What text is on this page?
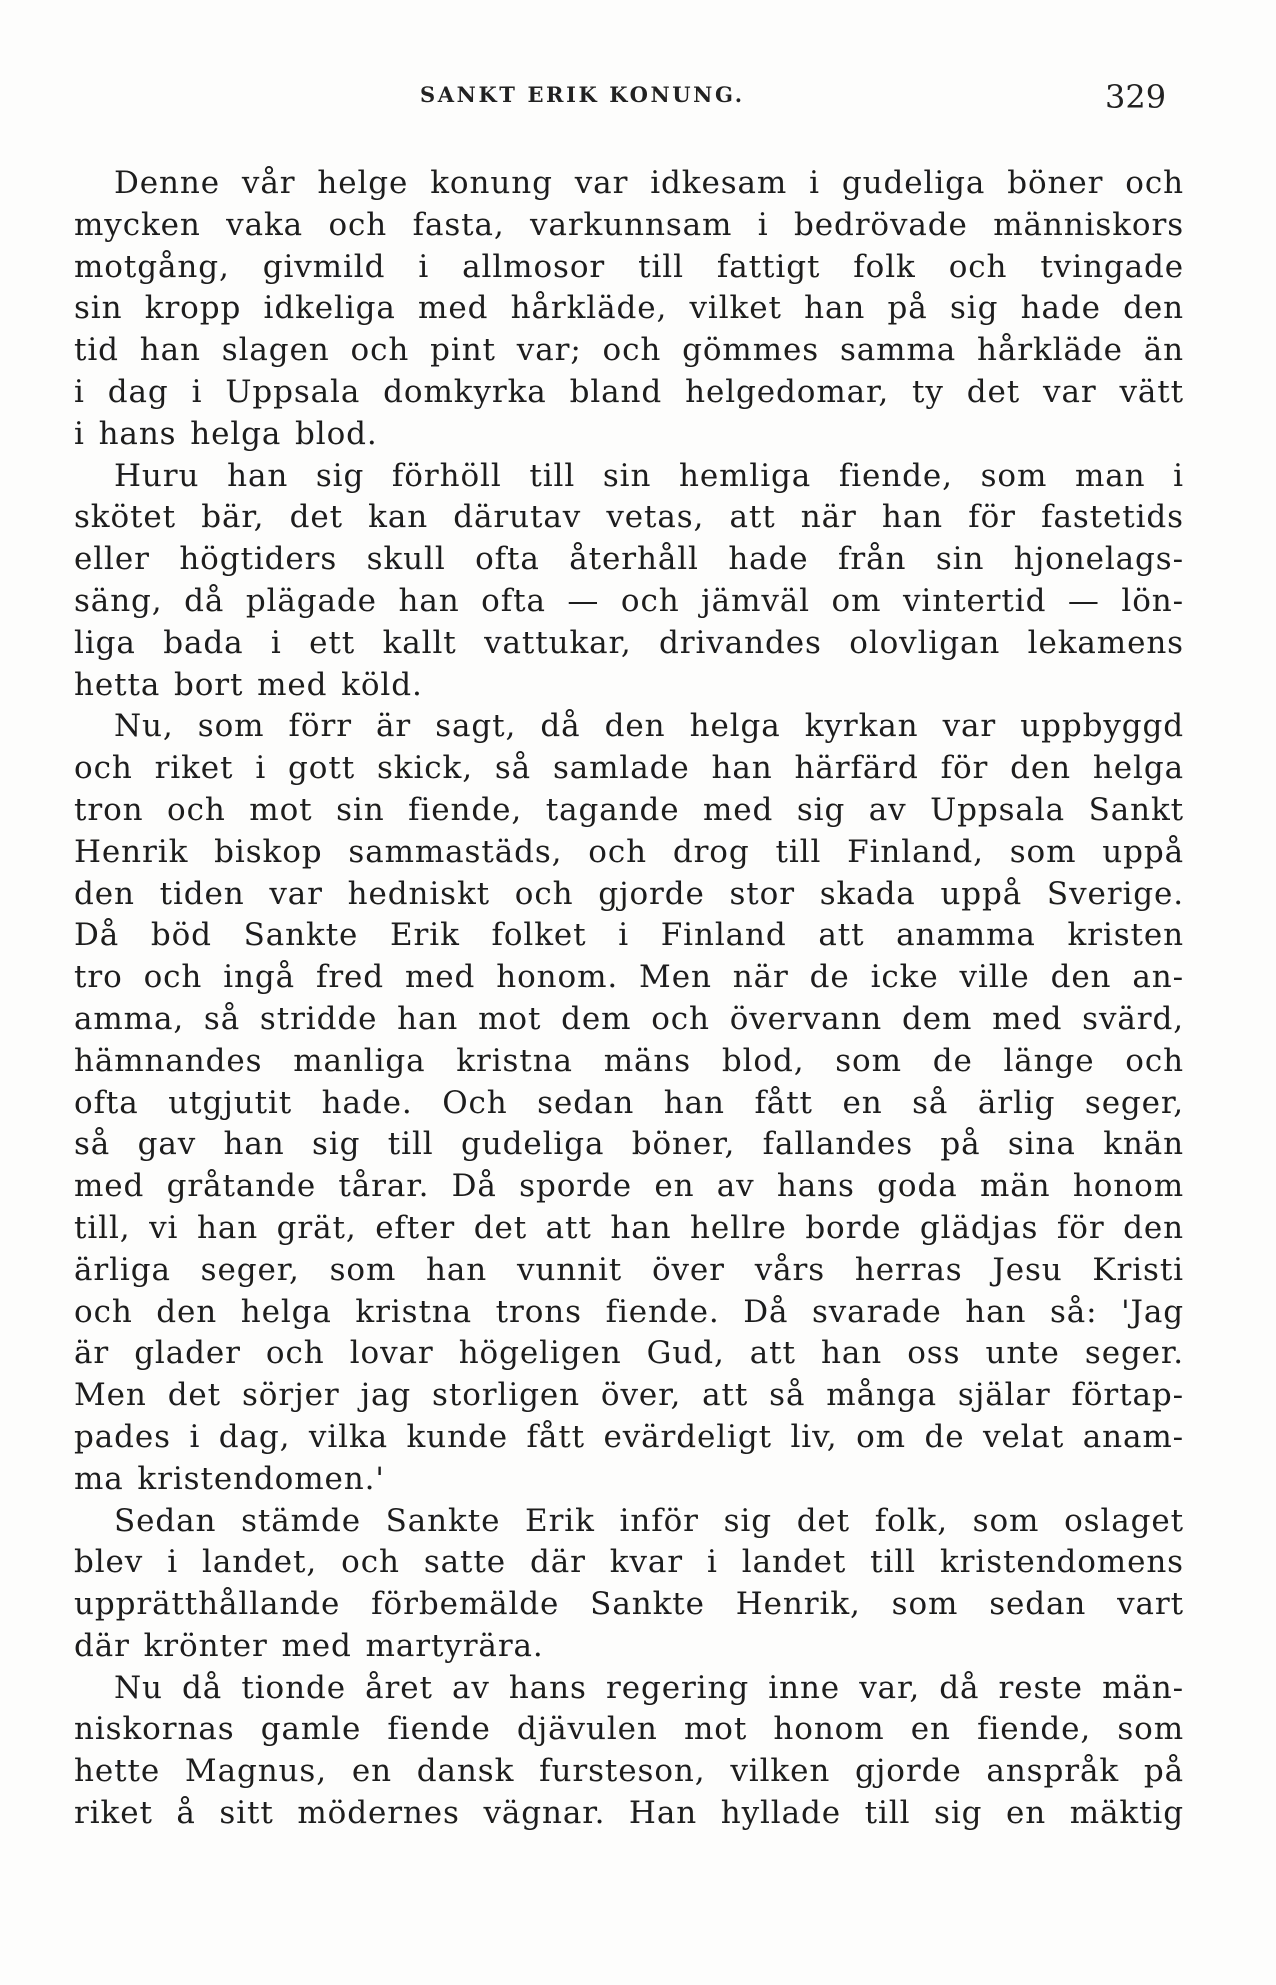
SANKT ERIK KONUNG.	329
Denne vår helge konung var idkesam i gudeliga böner och
mycken vaka och fasta, varkunnsam i bedrövade människors
motgång, givmild i allmosor till fattigt folk och tvingade
sin kropp idkeliga med hårkläde, vilket han på sig hade den
tid han slagen och pint var; och gömmes samma hårkläde än
i dag i Uppsala domkyrka bland helgedomar, ty det var vätt
i hans helga blod.
Huru han sig förhöll till sin hemliga fiende, som man i
skötet bär, det kan därutav vetas, att när han för fastetids
eller högtiders skull ofta återhåll hade från sin hjonelags-
säng, då plägade han ofta — och jämväl om vintertid — lön-
liga bada i ett kallt vattukar, drivandes olovligan lekamens
hetta bort med köld.
Nu, som förr är sagt, då den helga kyrkan var uppbyggd
och riket i gott skick, så samlade han härfärd för den helga
tron och mot sin fiende, tagande med sig av Uppsala Sankt
Henrik biskop sammastäds, och drog till Finland, som uppå
den tiden var hedniskt och gjorde stor skada uppå Sverige.
Då böd Sankte Erik folket i Finland att anamma kristen
tro och ingå fred med honom. Men när de icke ville den an-
amma, så stridde han mot dem och övervann dem med svärd,
hämnandes manliga kristna mäns blod, som de länge och
ofta utgjutit hade. Och sedan han fått en så ärlig seger,
så gav han sig till gudeliga böner, fallandes på sina knän
med gråtande tårar. Då sporde en av hans goda män honom
till, vi han grät, efter det att han hellre borde glädjas för den
ärliga seger, som han vunnit över vårs herras Jesu Kristi
och den helga kristna trons fiende. Då svarade han så: 'Jag
är glader och lovar högeligen Gud, att han oss unte seger.
Men det sörjer jag storligen över, att så många själar förtap-
pades i dag, vilka kunde fått evärdeligt liv, om de velat anam-
ma kristendomen.'
Sedan stämde Sankte Erik inför sig det folk, som oslaget
blev i landet, och satte där kvar i landet till kristendomens
upprätthållande förbemälde Sankte Henrik, som sedan vart
där krönter med martyrära.
Nu då tionde året av hans regering inne var, då reste män-
niskornas gamle fiende djävulen mot honom en fiende, som
hette Magnus, en dansk fursteson, vilken gjorde anspråk på
riket å sitt mödernes vägnar. Han hyllade till sig en mäktig
